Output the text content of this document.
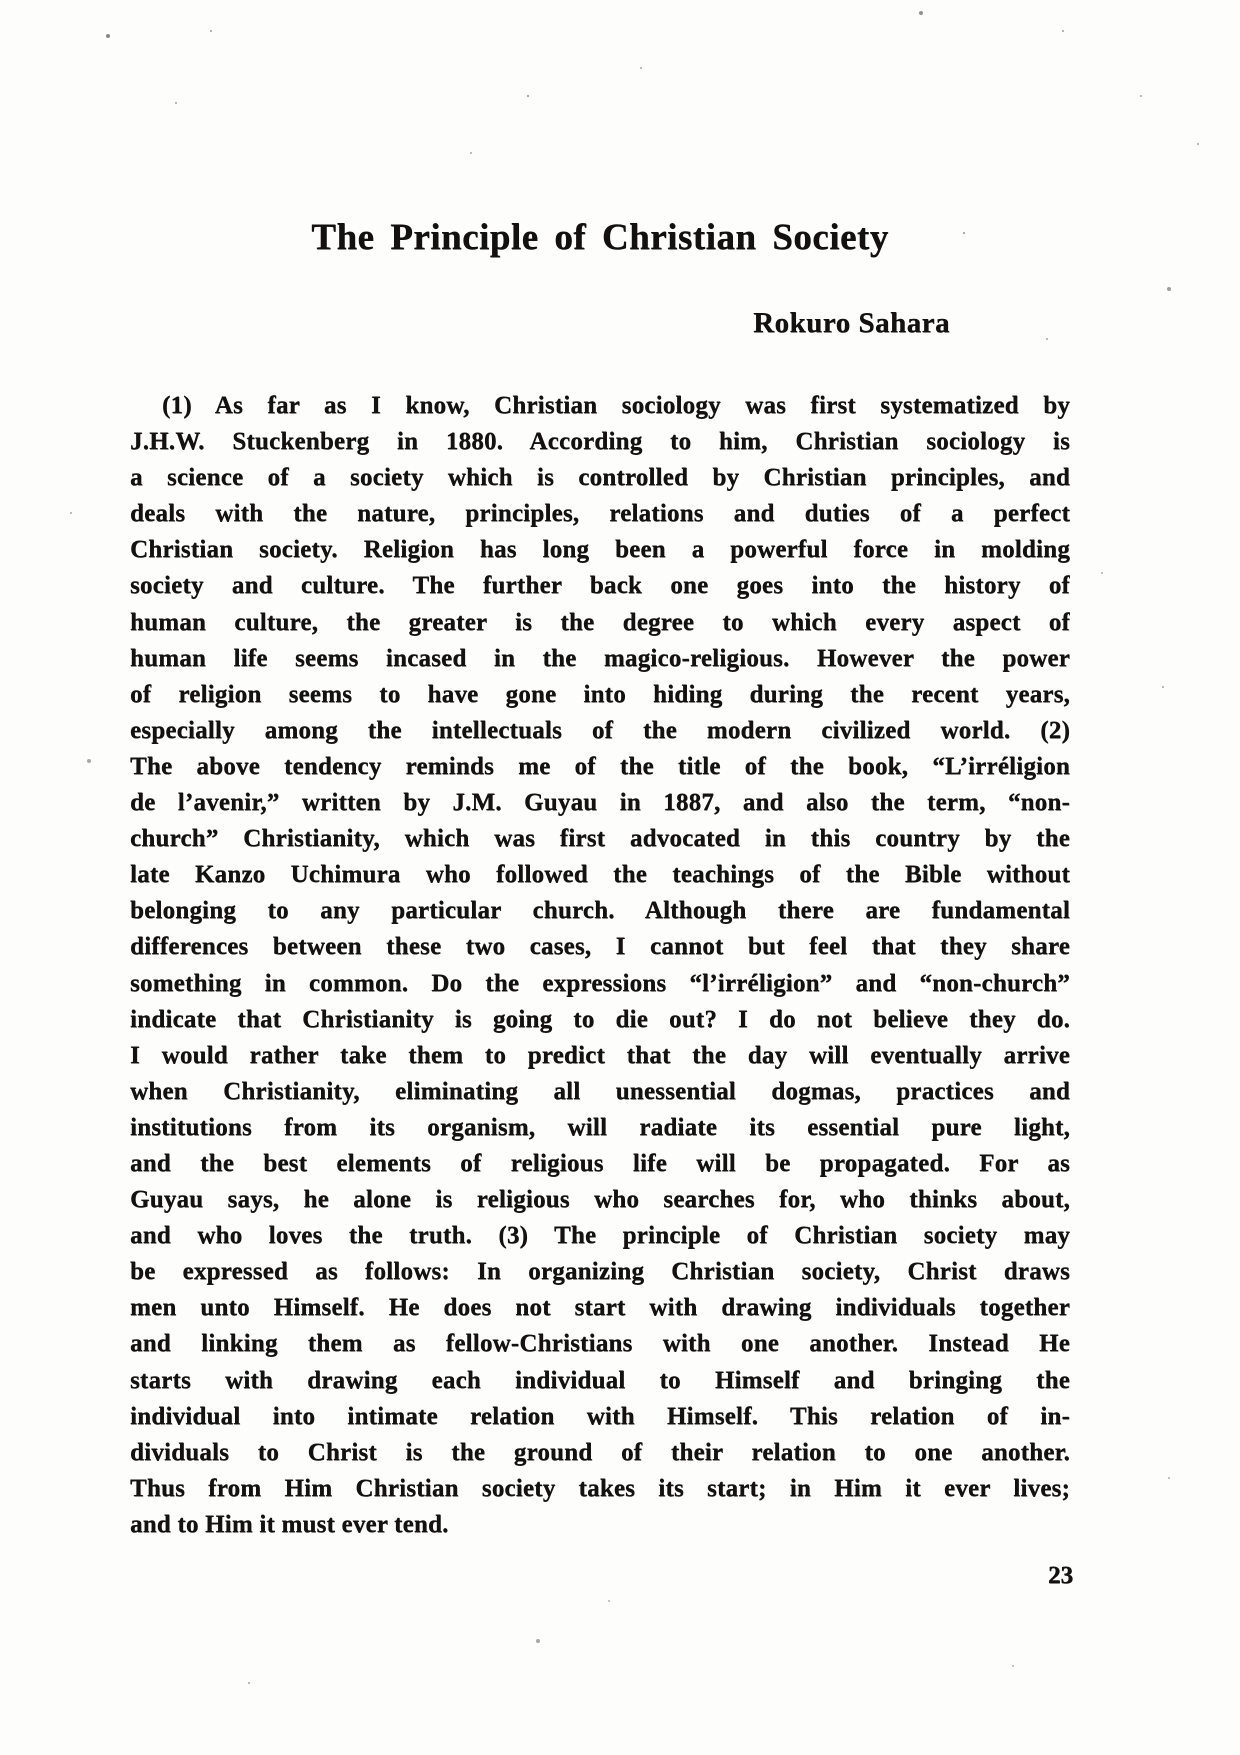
The Principle of Christian Society
Rokuro Sahara
(1) As far as I know, Christian sociology was first systematized by
J.H.W. Stuckenberg in 1880. According to him, Christian sociology is
a science of a society which is controlled by Christian principles, and
deals with the nature, principles, relations and duties of a perfect
Christian society. Religion has long been a powerful force in molding
society and culture. The further back one goes into the history of
human culture, the greater is the degree to which every aspect of
human life seems incased in the magico-religious. However the power
of religion seems to have gone into hiding during the recent years,
especially among the intellectuals of the modern civilized world. (2)
The above tendency reminds me of the title of the book, “L’irréligion
de l’avenir,” written by J.M. Guyau in 1887, and also the term, “non-
church” Christianity, which was first advocated in this country by the
late Kanzo Uchimura who followed the teachings of the Bible without
belonging to any particular church. Although there are fundamental
differences between these two cases, I cannot but feel that they share
something in common. Do the expressions “l’irréligion” and “non-church”
indicate that Christianity is going to die out? I do not believe they do.
I would rather take them to predict that the day will eventually arrive
when Christianity, eliminating all unessential dogmas, practices and
institutions from its organism, will radiate its essential pure light,
and the best elements of religious life will be propagated. For as
Guyau says, he alone is religious who searches for, who thinks about,
and who loves the truth. (3) The principle of Christian society may
be expressed as follows: In organizing Christian society, Christ draws
men unto Himself. He does not start with drawing individuals together
and linking them as fellow-Christians with one another. Instead He
starts with drawing each individual to Himself and bringing the
individual into intimate relation with Himself. This relation of in-
dividuals to Christ is the ground of their relation to one another.
Thus from Him Christian society takes its start; in Him it ever lives;
and to Him it must ever tend.
23
